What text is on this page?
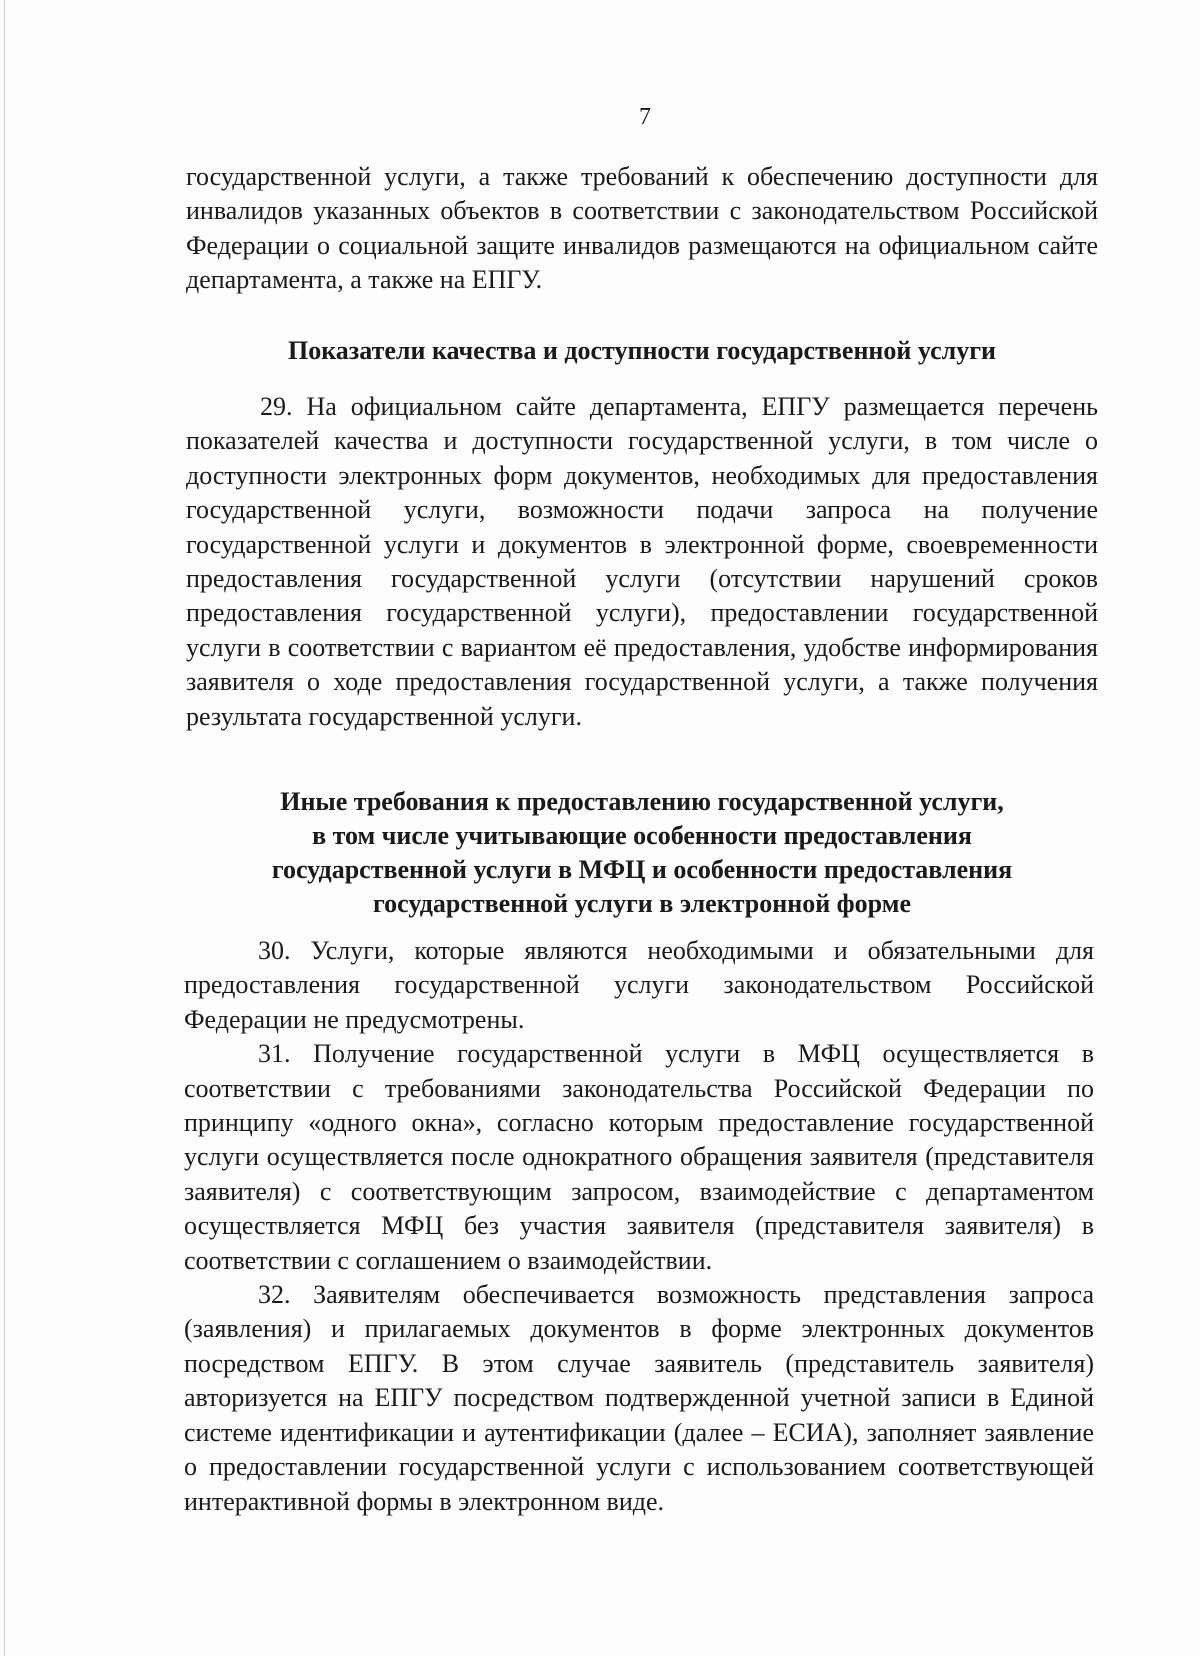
7

государственной услуги, а также требований к обеспечению доступности для инвалидов указанных объектов в соответствии с законодательством Российской Федерации о социальной защите инвалидов размещаются на официальном сайте департамента, а также на ЕПГУ.

Показатели качества и доступности государственной услуги

29. На официальном сайте департамента, ЕПГУ размещается перечень показателей качества и доступности государственной услуги, в том числе о доступности электронных форм документов, необходимых для предоставления государственной услуги, возможности подачи запроса на получение государственной услуги и документов в электронной форме, своевременности предоставления государственной услуги (отсутствии нарушений сроков предоставления государственной услуги), предоставлении государственной услуги в соответствии с вариантом её предоставления, удобстве информирования заявителя о ходе предоставления государственной услуги, а также получения результата государственной услуги.

Иные требования к предоставлению государственной услуги,
в том числе учитывающие особенности предоставления
государственной услуги в МФЦ и особенности предоставления
государственной услуги в электронной форме

30. Услуги, которые являются необходимыми и обязательными для предоставления государственной услуги законодательством Российской Федерации не предусмотрены.

31. Получение государственной услуги в МФЦ осуществляется в соответствии с требованиями законодательства Российской Федерации по принципу «одного окна», согласно которым предоставление государственной услуги осуществляется после однократного обращения заявителя (представителя заявителя) с соответствующим запросом, взаимодействие с департаментом осуществляется МФЦ без участия заявителя (представителя заявителя) в соответствии с соглашением о взаимодействии.

32. Заявителям обеспечивается возможность представления запроса (заявления) и прилагаемых документов в форме электронных документов посредством ЕПГУ. В этом случае заявитель (представитель заявителя) авторизуется на ЕПГУ посредством подтвержденной учетной записи в Единой системе идентификации и аутентификации (далее – ЕСИА), заполняет заявление о предоставлении государственной услуги с использованием соответствующей интерактивной формы в электронном виде.
